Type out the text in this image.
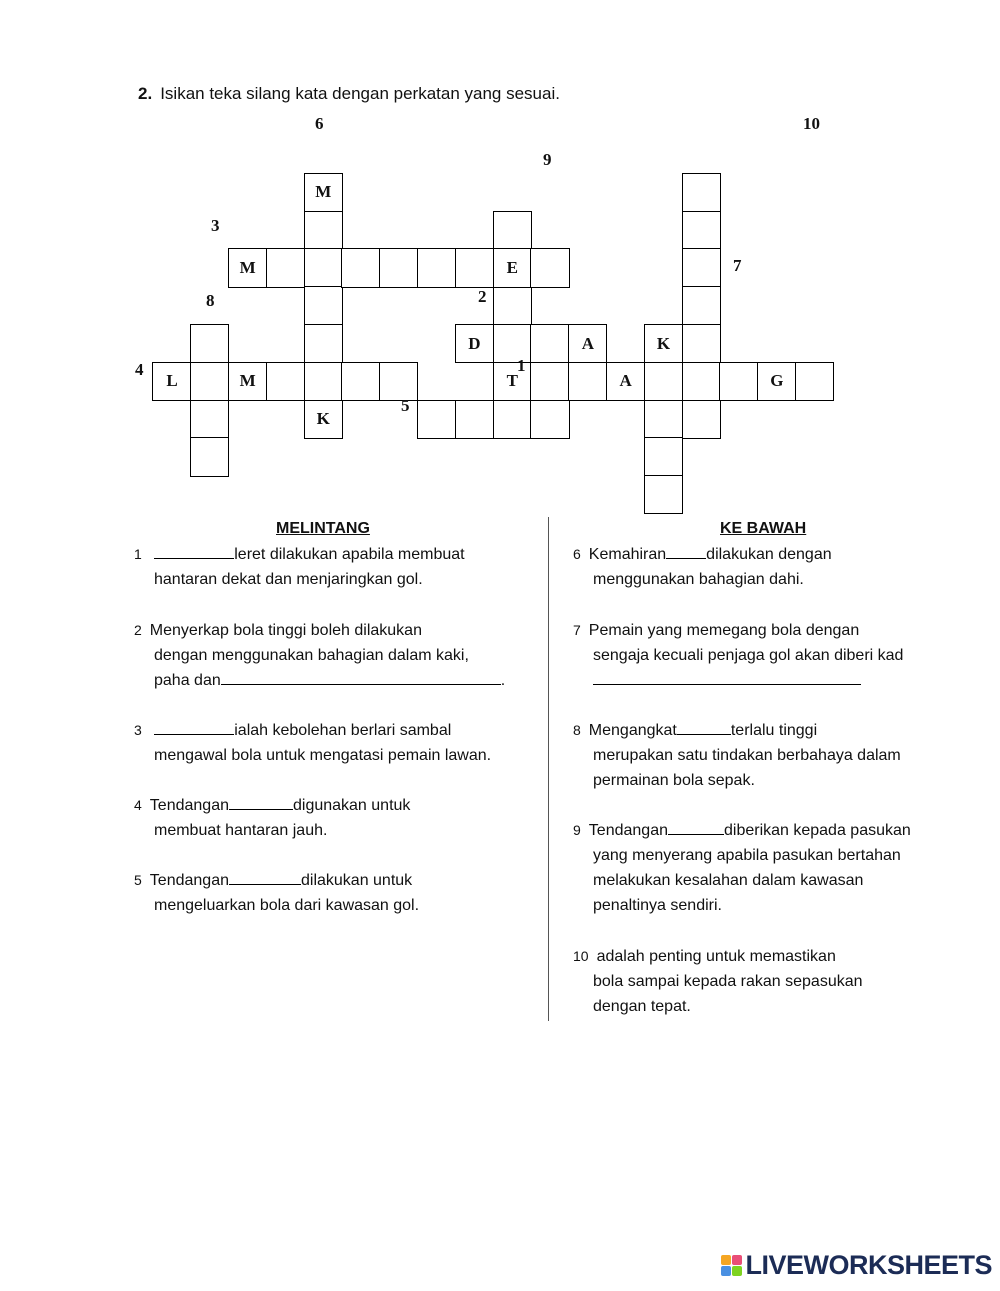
2. Isikan teka silang kata dengan perkatan yang sesuai.
M
K
M	E
D	A	K
L	M	T	A	G
6	10
9
3
7
8	2
4	1
5
MELINTANG
1	leret dilakukan apabila membuat
hantaran dekat dan menjaringkan gol.
2 Menyerkap bola tinggi boleh dilakukan
dengan menggunakan bahagian dalam kaki,
paha dan	.
3	ialah kebolehan berlari sambal
mengawal bola untuk mengatasi pemain lawan.
4 Tendangan	digunakan untuk
membuat hantaran jauh.
5 Tendangan	dilakukan untuk
mengeluarkan bola dari kawasan gol.
KE BAWAH
6 Kemahiran	dilakukan dengan
menggunakan bahagian dahi.
7 Pemain yang memegang bola dengan
sengaja kecuali penjaga gol akan diberi kad

8 Mengangkat	terlalu tinggi
merupakan satu tindakan berbahaya dalam
permainan bola sepak.
9 Tendangan	diberikan kepada pasukan
yang menyerang apabila pasukan bertahan
melakukan kesalahan dalam kawasan
penaltinya sendiri.
10 adalah penting untuk memastikan
bola sampai kepada rakan sepasukan
dengan tepat.
LIVEWORKSHEETS
